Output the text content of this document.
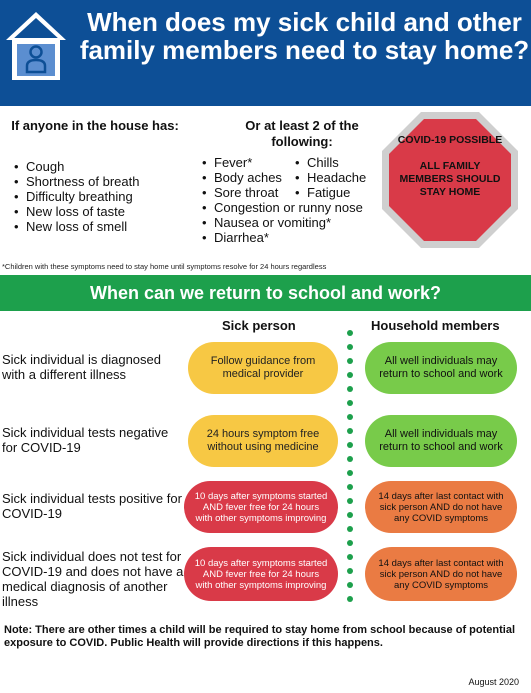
When does my sick child and other family members need to stay home?
If anyone in the house has:
• Cough
• Shortness of breath
• Difficulty breathing
• New loss of taste
• New loss of smell
Or at least 2 of the following:
• Fever*
• Body aches
• Sore throat
• Chills
• Headache
• Fatigue
• Congestion or runny nose
• Nausea or vomiting*
• Diarrhea*
COVID-19 POSSIBLE
ALL FAMILY MEMBERS SHOULD STAY HOME
*Children with these symptoms need to stay home until symptoms resolve for 24 hours regardless
When can we return to school and work?
Sick person	Household members
Sick individual is diagnosed with a different illness
Follow guidance from medical provider
All well individuals may return to school and work
Sick individual tests negative for COVID-19
24 hours symptom free without using medicine
All well individuals may return to school and work
Sick individual tests positive for COVID-19
10 days after symptoms started AND fever free for 24 hours with other symptoms improving
14 days after last contact with sick person AND do not have any COVID symptoms
Sick individual does not test for COVID-19 and does not have a medical diagnosis of another illness
10 days after symptoms started AND fever free for 24 hours with other symptoms improving
14 days after last contact with sick person AND do not have any COVID symptoms
Note: There are other times a child will be required to stay home from school because of potential exposure to COVID. Public Health will provide directions if this happens.
August 2020
